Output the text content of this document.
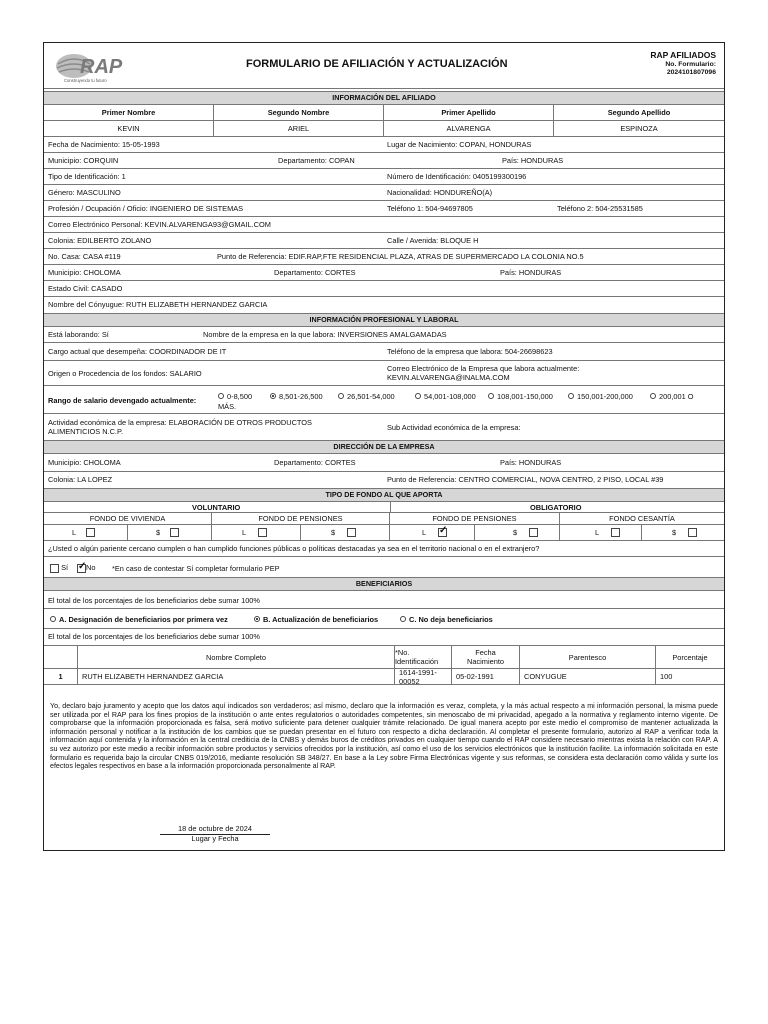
RAP
Construyendo tu futuro
FORMULARIO DE AFILIACIÓN Y ACTUALIZACIÓN
RAP AFILIADOS
No. Formulario:
2024101807096
INFORMACIÓN DEL AFILIADO
Primer Nombre	Segundo Nombre	Primer Apellido	Segundo Apellido
KEVIN	ARIEL	ALVARENGA	ESPINOZA
Fecha de Nacimiento: 15-05-1993	Lugar de Nacimiento: COPAN, HONDURAS
Municipio: CORQUIN	Departamento: COPAN	País: HONDURAS
Tipo de Identificación: 1	Número de Identificación: 0405199300196
Género: MASCULINO	Nacionalidad: HONDUREÑO(A)
Profesión / Ocupación / Oficio: INGENIERO DE SISTEMAS	Teléfono 1: 504-94697805	Teléfono 2: 504-25531585
Correo Electrónico Personal: KEVIN.ALVARENGA93@GMAIL.COM
Colonia: EDILBERTO ZOLANO	Calle / Avenida: BLOQUE H
No. Casa: CASA #119	Punto de Referencia: EDIF.RAP,FTE RESIDENCIAL PLAZA, ATRAS DE SUPERMERCADO LA COLONIA NO.5
Municipio: CHOLOMA	Departamento: CORTES	País: HONDURAS
Estado Civil: CASADO
Nombre del Cónyugue: RUTH ELIZABETH HERNANDEZ GARCIA
INFORMACIÓN PROFESIONAL Y LABORAL
Está laborando: Sí	Nombre de la empresa en la que labora: INVERSIONES AMALGAMADAS
Cargo actual que desempeña: COORDINADOR DE IT	Teléfono de la empresa que labora: 504-26698623
Origen o Procedencia de los fondos: SALARIO
Correo Electrónico de la Empresa que labora actualmente:
KEVIN.ALVARENGA@INALMA.COM
Rango de salario devengado actualmente:	0-8,500	8,501-26,500	26,501-54,000	54,001-108,000	108,001-150,000	150,001-200,000	200,001 O
MÁS.
Actividad económica de la empresa: ELABORACIÓN DE OTROS PRODUCTOS
ALIMENTICIOS N.C.P.	Sub Actividad económica de la empresa:
DIRECCIÓN DE LA EMPRESA
Municipio: CHOLOMA	Departamento: CORTES	País: HONDURAS
Colonia: LA LOPEZ	Punto de Referencia: CENTRO COMERCIAL, NOVA CENTRO, 2 PISO, LOCAL #39
TIPO DE FONDO AL QUE APORTA
VOLUNTARIO	OBLIGATORIO
FONDO DE VIVIENDA	FONDO DE PENSIONES	FONDO DE PENSIONES	FONDO CESANTÍA
L	$	L	$	L ✓	$	L	$
¿Usted o algún pariente cercano cumplen o han cumplido funciones públicas o políticas destacadas ya sea en el territorio nacional o en el extranjero?
Sí ✓	No *En caso de contestar Sí completar formulario PEP
BENEFICIARIOS
El total de los porcentajes de los beneficiarios debe sumar 100%
A. Designación de beneficiarios por primera vez	B. Actualización de beneficiarios	C. No deja beneficiarios
El total de los porcentajes de los beneficiarios debe sumar 100%
Nombre Completo	*No. Identificación
Fecha
Nacimiento	Parentesco	Porcentaje
1	RUTH ELIZABETH HERNANDEZ GARCIA	1614-1991-00052	05-02-1991	CONYUGUE	100
Yo, declaro bajo juramento y acepto que los datos aquí indicados son verdaderos; así mismo, declaro que la información es veraz, completa, y la más actual respecto a mi información personal, la misma puede ser utilizada por el RAP para los fines propios de la institución o ante entes regulatorios o autoridades competentes, sin menoscabo de mi privacidad, apegado a la normativa y reglamento interno vigente. De comprobarse que la información proporcionada es falsa, será motivo suficiente para detener cualquier trámite relacionado. De igual manera acepto por este medio el compromiso de mantener actualizada la información personal y notificar a la institución de los cambios que se puedan presentar en el futuro con respecto a dicha declaración. Al completar el presente formulario, autorizo al RAP a verificar toda la información aquí contenida y la información en la central crediticia de la CNBS y demás buros de créditos privados en cualquier tiempo cuando el RAP considere necesario mientras exista la relación con RAP. A su vez autorizo por este medio a recibir información sobre productos y servicios ofrecidos por la institución, así como el uso de los servicios electrónicos que la institución facilite. La información solicitada en este formulario es requerida bajo la circular CNBS 019/2016, mediante resolución SB 348/27. En base a la Ley sobre Firma Electrónicas vigente y sus reformas, se considera esta declaración como válida y surte los efectos legales respectivos en base a la información proporcionada personalmente al RAP.
18 de octubre de 2024
Lugar y Fecha
